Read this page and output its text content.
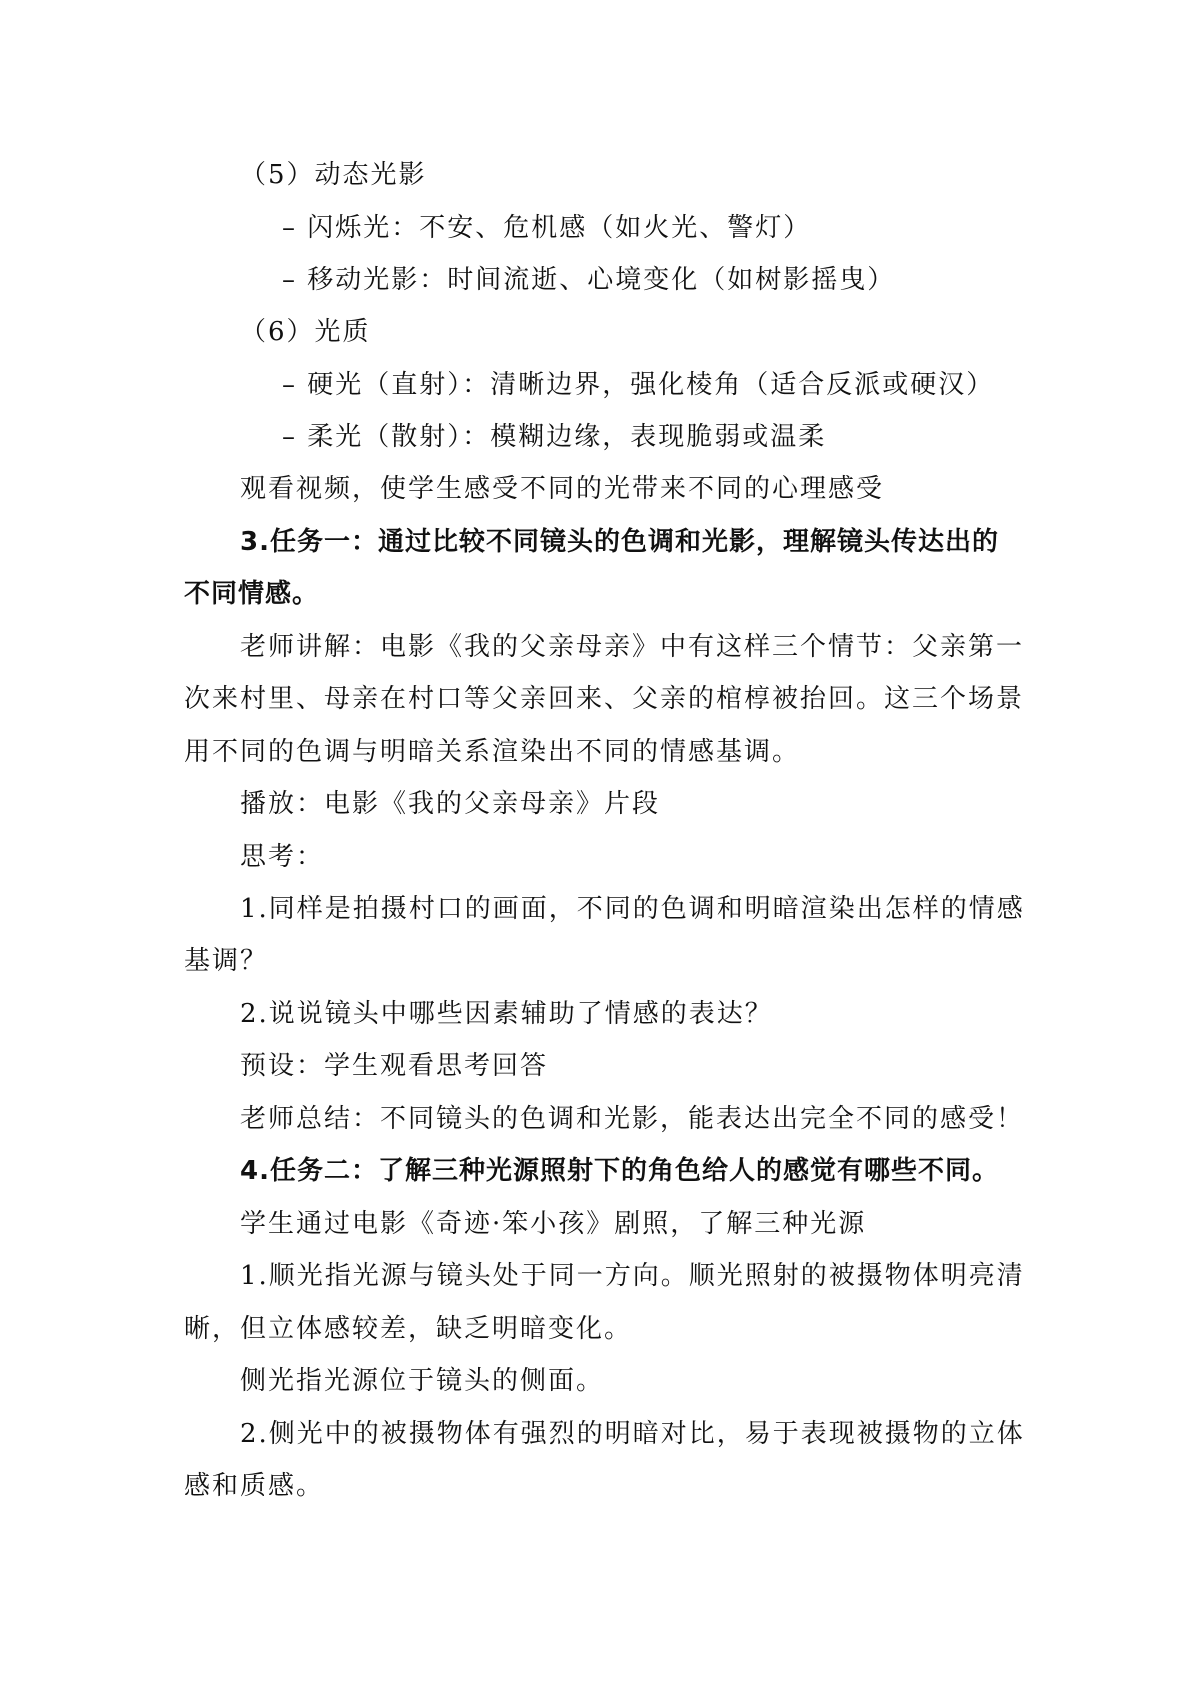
（5）动态光影
– 闪烁光：不安、危机感（如火光、警灯）
– 移动光影：时间流逝、心境变化（如树影摇曳）
（6）光质
– 硬光（直射）：清晰边界，强化棱角（适合反派或硬汉）
– 柔光（散射）：模糊边缘，表现脆弱或温柔
观看视频，使学生感受不同的光带来不同的心理感受
3.任务一：通过比较不同镜头的色调和光影，理解镜头传达出的
不同情感。
老师讲解：电影《我的父亲母亲》中有这样三个情节：父亲第一
次来村里、母亲在村口等父亲回来、父亲的棺椁被抬回。这三个场景
用不同的色调与明暗关系渲染出不同的情感基调。
播放：电影《我的父亲母亲》片段
思考：
1.同样是拍摄村口的画面，不同的色调和明暗渲染出怎样的情感
基调？
2.说说镜头中哪些因素辅助了情感的表达？
预设：学生观看思考回答
老师总结：不同镜头的色调和光影，能表达出完全不同的感受！
4.任务二：了解三种光源照射下的角色给人的感觉有哪些不同。
学生通过电影《奇迹·笨小孩》剧照，了解三种光源
1.顺光指光源与镜头处于同一方向。顺光照射的被摄物体明亮清
晰，但立体感较差，缺乏明暗变化。
侧光指光源位于镜头的侧面。
2.侧光中的被摄物体有强烈的明暗对比，易于表现被摄物的立体
感和质感。
